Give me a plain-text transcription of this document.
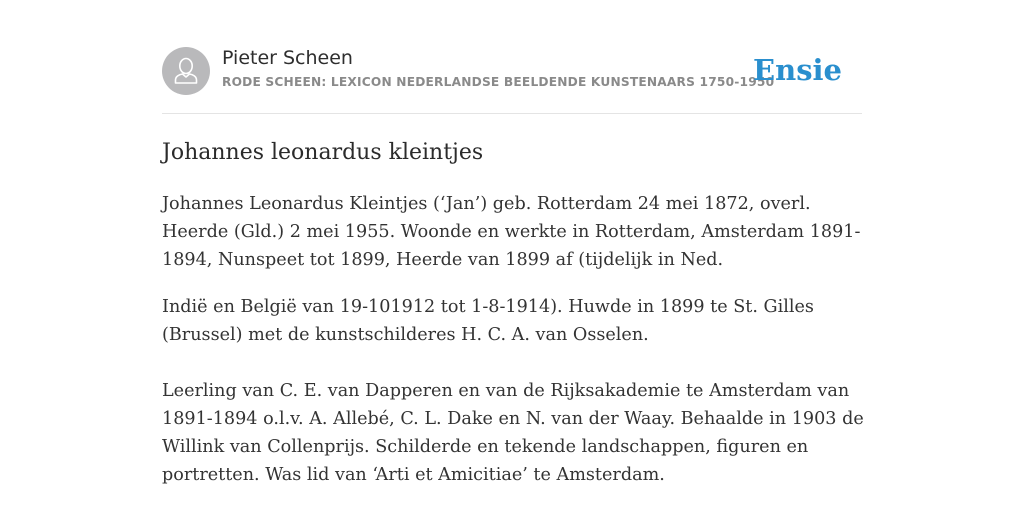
Pieter Scheen
RODE SCHEEN: LEXICON NEDERLANDSE BEELDENDE KUNSTENAARS 1750-1950
Ensie
Johannes leonardus kleintjes

Johannes Leonardus Kleintjes (‘Jan’) geb. Rotterdam 24 mei 1872, overl. Heerde (Gld.) 2 mei 1955. Woonde en werkte in Rotterdam, Amsterdam 1891-1894, Nunspeet tot 1899, Heerde van 1899 af (tijdelijk in Ned.

Indië en België van 19-101912 tot 1-8-1914). Huwde in 1899 te St. Gilles (Brussel) met de kunstschilderes H. C. A. van Osselen.

Leerling van C. E. van Dapperen en van de Rijksakademie te Amsterdam van 1891-1894 o.l.v. A. Allebé, C. L. Dake en N. van der Waay. Behaalde in 1903 de Willink van Collenprijs. Schilderde en tekende landschappen, figuren en portretten. Was lid van ‘Arti et Amicitiae’ te Amsterdam.
